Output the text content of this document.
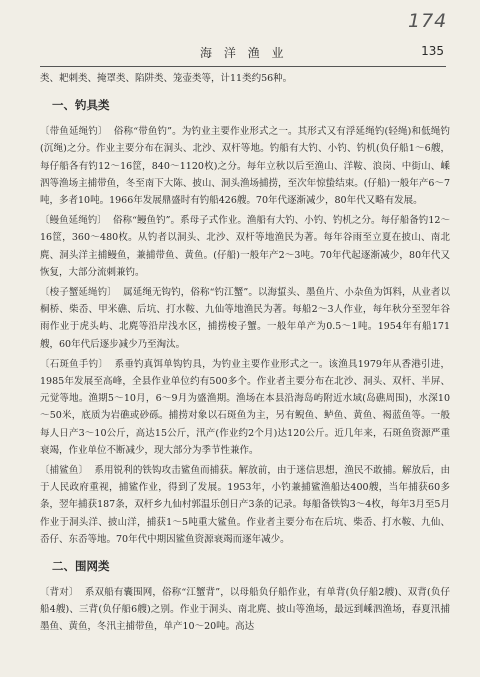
174
海 洋 渔 业	135

类、耙刺类、掩罩类、陷阱类、笼壶类等，计11类约56种。

一、钓具类

〔带鱼延绳钓〕 俗称“带鱼钓”。为钓业主要作业形式之一。其形式又有浮延绳钓(轻绳)和低绳钓(沉绳)之分。作业主要分布在洞头、北沙、双杆等地。钓船有大钓、小钓、钓机(负仔船1～6艘，每仔船各有钓12～16筐，840～1120枚)之分。每年立秋以后至渔山、洋鞍、浪岗、中街山、嵊泗等渔场主捕带鱼，冬至南下大陈、披山、洞头渔场捕捞，至次年惊蛰结束。(仔船)一般年产6～7吨，多者10吨。1966年发展鼎盛时有钓船426艘。70年代逐渐减少，80年代又略有发展。

〔鳗鱼延绳钓〕 俗称“鳗鱼钓”。系母子式作业。渔船有大钓、小钓、钓机之分。每仔船备钓12～16筐，360～480枚。从钓者以洞头、北沙、双杆等地渔民为著。每年谷雨至立夏在披山、南北麂、洞头洋主捕鳗鱼，兼捕带鱼、黄鱼。(仔船)一般年产2～3吨。70年代起逐渐减少，80年代又恢复，大部分流刺兼钓。

〔梭子蟹延绳钓〕 属延绳无钩钓，俗称“钓江蟹”。以海蜇头、墨鱼片、小杂鱼为饵料，从业者以桐桥、柴岙、甲米礁、后坑、打水鞍、九仙等地渔民为著。每船2～3人作业，每年秋分至翌年谷雨作业于虎头屿、北麂等沿岸浅水区，捕捞梭子蟹。一般年单产为0.5～1吨。1954年有船171艘，60年代后逐步减少乃至淘汰。

〔石斑鱼手钓〕 系垂钓真饵单钩钓具，为钓业主要作业形式之一。该渔具1979年从香港引进，1985年发展至高峰，全县作业单位约有500多个。作业者主要分布在北沙、洞头、双杆、半屏、元觉等地。渔期5～10月，6～9月为盛渔期。渔场在本县沿海岛屿附近水域(岛礁周围)，水深10～50米，底质为岩礁或砂砾。捕捞对象以石斑鱼为主，另有鲵鱼、鲈鱼、黄鱼、褐蓝鱼等。一般每人日产3～10公斤，高达15公斤，汛产(作业约2个月)达120公斤。近几年来，石斑鱼资源严重衰竭，作业单位不断减少，现大部分为季节性兼作。

〔捕鲨鱼〕 系用锐利的铁钩攻击鲨鱼而捕获。解放前，由于迷信思想，渔民不敢捕。解放后，由于人民政府重视，捕鲨作业，得到了发展。1953年，小钓兼捕鲨渔船达400艘，当年捕获60多条，翌年捕获187条，双杆乡九仙村郭温乐创日产3条的记录。每船备铁钩3～4枚，每年3月至5月作业于洞头洋、披山洋，捕获1～5吨重大鲨鱼。作业者主要分布在后坑、柴岙、打水鞍、九仙、岙仔、东岙等地。70年代中期因鲨鱼资源衰竭而逐年减少。

二、围网类

〔背对〕 系双船有囊围网，俗称“江蟹背”，以母船负仔船作业，有单背(负仔船2艘)、双背(负仔船4艘)、三背(负仔船6艘)之别。作业于洞头、南北麂、披山等渔场，最远到嵊泗渔场，春夏汛捕墨鱼、黄鱼，冬汛主捕带鱼，单产10～20吨。高达
